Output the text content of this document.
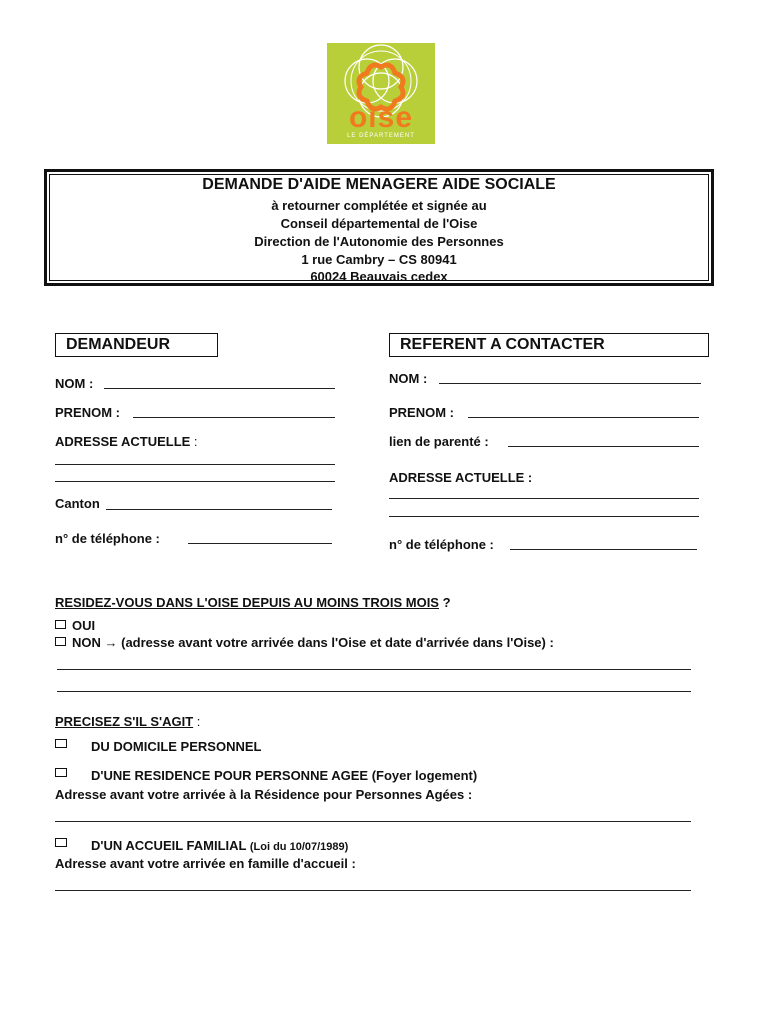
oise
LE DÉPARTEMENT
DEMANDE D'AIDE MENAGERE AIDE SOCIALE
à retourner complétée et signée au
Conseil départemental de l'Oise
Direction de l'Autonomie des Personnes
1 rue Cambry – CS 80941
60024 Beauvais cedex
DEMANDEUR
NOM :
PRENOM :
ADRESSE ACTUELLE :
Canton
n° de téléphone :
REFERENT A CONTACTER
NOM :
PRENOM :
lien de parenté :
ADRESSE ACTUELLE :
n° de téléphone :
RESIDEZ-VOUS DANS L'OISE DEPUIS AU MOINS TROIS MOIS ?
OUI
NON → (adresse avant votre arrivée dans l'Oise et date d'arrivée dans l'Oise) :
PRECISEZ S'IL S'AGIT :
DU DOMICILE PERSONNEL
D'UNE RESIDENCE POUR PERSONNE AGEE (Foyer logement)
Adresse avant votre arrivée à la Résidence pour Personnes Agées :
D'UN ACCUEIL FAMILIAL (Loi du 10/07/1989)
Adresse avant votre arrivée en famille d'accueil :
